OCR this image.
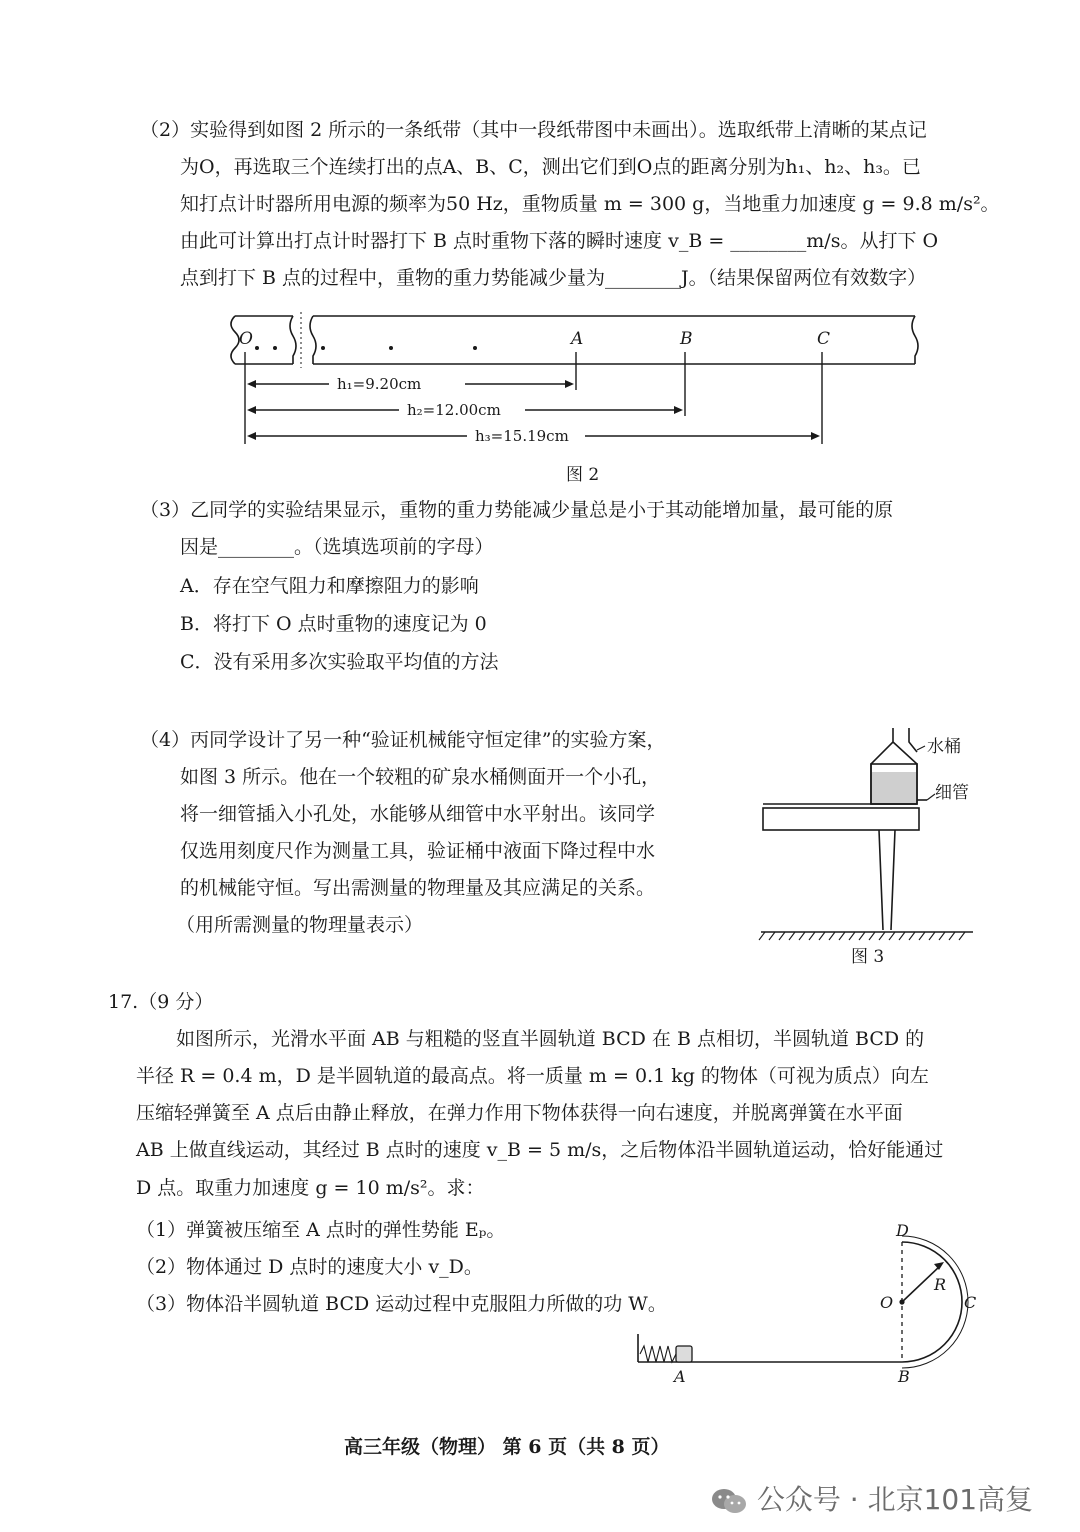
（2）实验得到如图 2 所示的一条纸带（其中一段纸带图中未画出）。选取纸带上清晰的某点记
为O，再选取三个连续打出的点A、B、C，测出它们到O点的距离分别为h₁、h₂、h₃。已
知打点计时器所用电源的频率为50 Hz，重物质量 m = 300 g，当地重力加速度 g = 9.8 m/s²。
由此可计算出打点计时器打下 B 点时重物下落的瞬时速度 v_B = ________m/s。从打下 O
点到打下 B 点的过程中，重物的重力势能减少量为________J。（结果保留两位有效数字）
O	A	B	C
h₁=9.20cm
h₂=12.00cm
h₃=15.19cm
图 2
（3）乙同学的实验结果显示，重物的重力势能减少量总是小于其动能增加量，最可能的原
因是________。（选填选项前的字母）
A．存在空气阻力和摩擦阻力的影响
B．将打下 O 点时重物的速度记为 0
C．没有采用多次实验取平均值的方法
（4）丙同学设计了另一种“验证机械能守恒定律”的实验方案，
如图 3 所示。他在一个较粗的矿泉水桶侧面开一个小孔，
将一细管插入小孔处，水能够从细管中水平射出。该同学
仅选用刻度尺作为测量工具，验证桶中液面下降过程中水
的机械能守恒。写出需测量的物理量及其应满足的关系。
（用所需测量的物理量表示）
水桶
细管
图 3
17.（9 分）
如图所示，光滑水平面 AB 与粗糙的竖直半圆轨道 BCD 在 B 点相切，半圆轨道 BCD 的
半径 R = 0.4 m，D 是半圆轨道的最高点。将一质量 m = 0.1 kg 的物体（可视为质点）向左
压缩轻弹簧至 A 点后由静止释放，在弹力作用下物体获得一向右速度，并脱离弹簧在水平面
AB 上做直线运动，其经过 B 点时的速度 v_B = 5 m/s，之后物体沿半圆轨道运动，恰好能通过
D 点。取重力加速度 g = 10 m/s²。求：
（1）弹簧被压缩至 A 点时的弹性势能 Eₚ。
（2）物体通过 D 点时的速度大小 v_D。
（3）物体沿半圆轨道 BCD 运动过程中克服阻力所做的功 W。
D
R
O	C
A	B
高三年级（物理） 第 6 页（共 8 页）
公众号 · 北京101高复
